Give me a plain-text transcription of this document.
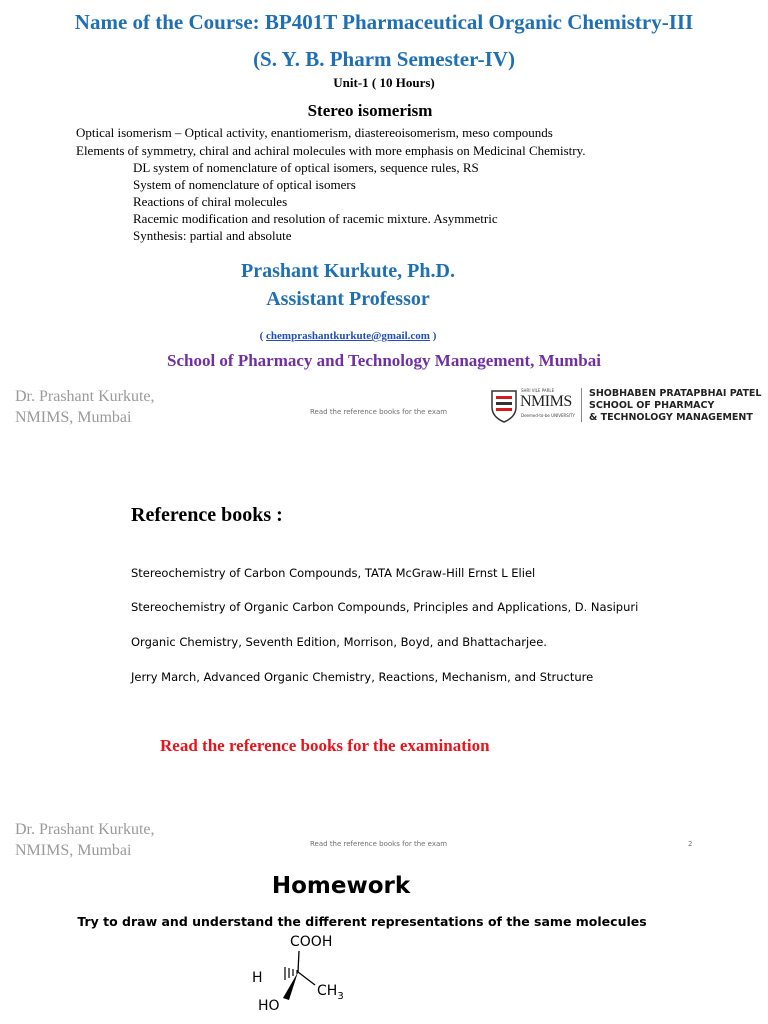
Name of the Course: BP401T Pharmaceutical Organic Chemistry-III
(S. Y. B. Pharm Semester-IV)
Unit-1 ( 10 Hours)
Stereo isomerism
Optical isomerism – Optical activity, enantiomerism, diastereoisomerism, meso compounds
Elements of symmetry, chiral and achiral molecules with more emphasis on Medicinal Chemistry.
DL system of nomenclature of optical isomers, sequence rules, RS
System of nomenclature of optical isomers
Reactions of chiral molecules
Racemic modification and resolution of racemic mixture. Asymmetric
Synthesis: partial and absolute
Prashant Kurkute, Ph.D.
Assistant Professor
( chemprashantkurkute@gmail.com )
School of Pharmacy and Technology Management, Mumbai
Dr. Prashant Kurkute,
NMIMS, Mumbai	Read the reference books for the exam
SHRI VILE PARLE
NMIMS
Deemed-to-be UNIVERSITY
SHOBHABEN PRATAPBHAI PATEL
SCHOOL OF PHARMACY
& TECHNOLOGY MANAGEMENT
Reference books :
Stereochemistry of Carbon Compounds, TATA McGraw-Hill Ernst L Eliel
Stereochemistry of Organic Carbon Compounds, Principles and Applications, D. Nasipuri
Organic Chemistry, Seventh Edition, Morrison, Boyd, and Bhattacharjee.
Jerry March, Advanced Organic Chemistry, Reactions, Mechanism, and Structure
Read the reference books for the examination
Dr. Prashant Kurkute,
NMIMS, Mumbai	Read the reference books for the exam	2
Homework
Try to draw and understand the different representations of the same molecules
COOH
H
$CH_3$
HO
